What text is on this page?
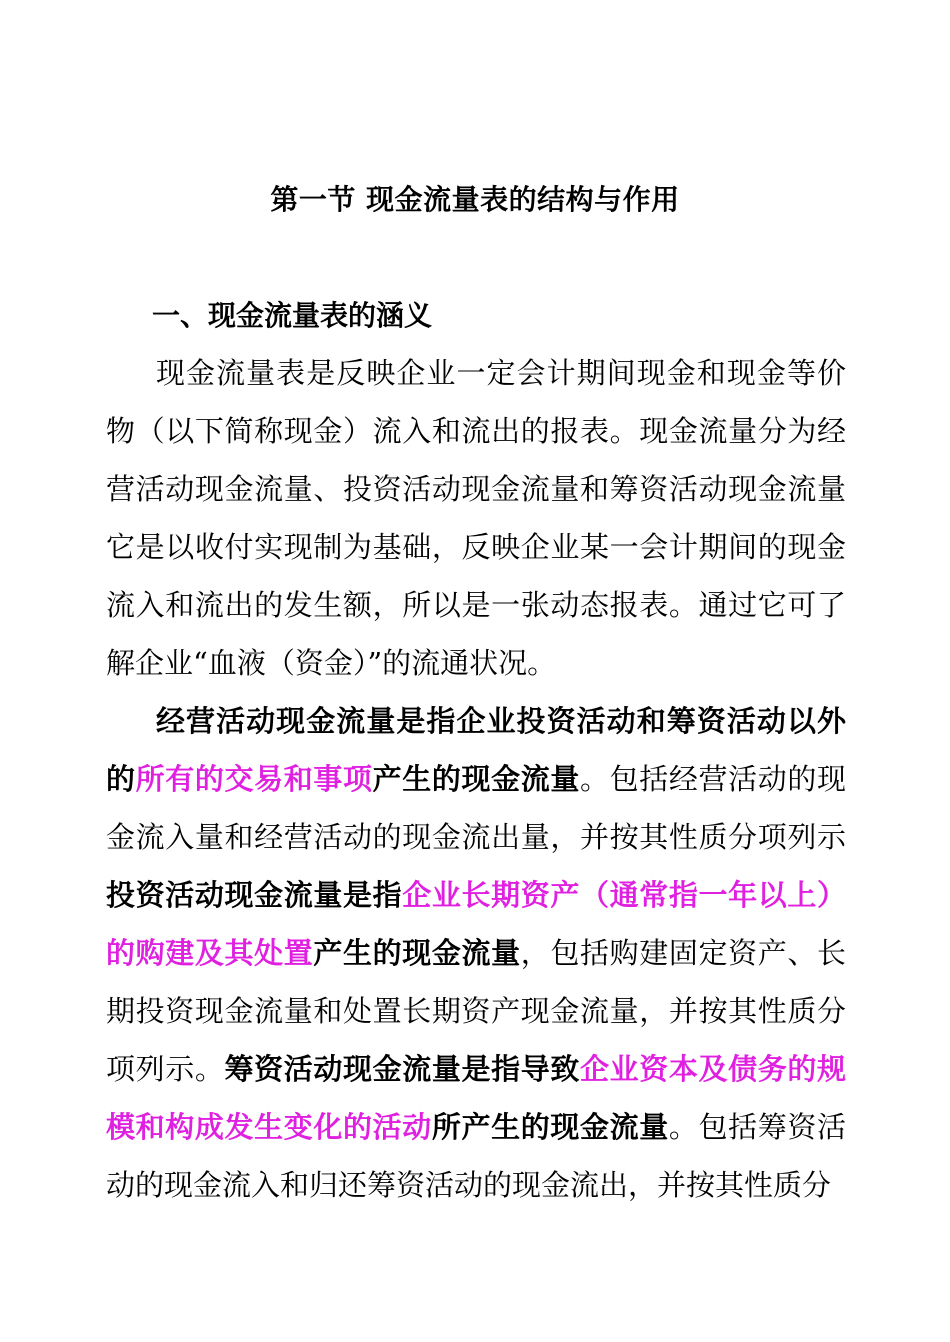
第一节 现金流量表的结构与作用
一、现金流量表的涵义
现金流量表是反映企业一定会计期间现金和现金等价物（以下简称现金）流入和流出的报表。现金流量分为经营活动现金流量、投资活动现金流量和筹资活动现金流量它是以收付实现制为基础，反映企业某一会计期间的现金流入和流出的发生额，所以是一张动态报表。通过它可了解企业“血液（资金）”的流通状况。
经营活动现金流量是指企业投资活动和筹资活动以外的所有的交易和事项产生的现金流量。包括经营活动的现金流入量和经营活动的现金流出量，并按其性质分项列示投资活动现金流量是指企业长期资产（通常指一年以上）的购建及其处置产生的现金流量，包括购建固定资产、长期投资现金流量和处置长期资产现金流量，并按其性质分项列示。筹资活动现金流量是指导致企业资本及债务的规模和构成发生变化的活动所产生的现金流量。包括筹资活动的现金流入和归还筹资活动的现金流出，并按其性质分
